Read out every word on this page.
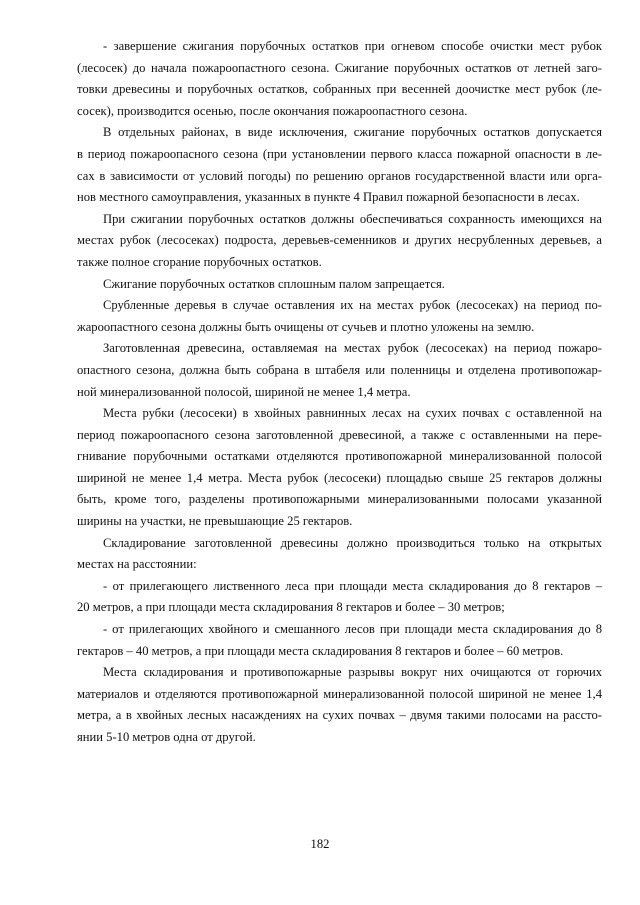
- завершение сжигания порубочных остатков при огневом способе очистки мест рубок
(лесосек) до начала пожароопастного сезона. Сжигание порубочных остатков от летней заго-
товки древесины и порубочных остатков, собранных при весенней доочистке мест рубок (ле-
сосек), производится осенью, после окончания пожароопастного сезона.
В отдельных районах, в виде исключения, сжигание порубочных остатков допускается
в период пожароопасного сезона (при установлении первого класса пожарной опасности в ле-
сах в зависимости от условий погоды) по решению органов государственной власти или орга-
нов местного самоуправления, указанных в пункте 4 Правил пожарной безопасности в лесах.
При сжигании порубочных остатков должны обеспечиваться сохранность имеющихся на
местах рубок (лесосеках) подроста, деревьев-семенников и других несрубленных деревьев, а
также полное сгорание порубочных остатков.
Сжигание порубочных остатков сплошным палом запрещается.
Срубленные деревья в случае оставления их на местах рубок (лесосеках) на период по-
жароопастного сезона должны быть очищены от сучьев и плотно уложены на землю.
Заготовленная древесина, оставляемая на местах рубок (лесосеках) на период пожаро-
опастного сезона, должна быть собрана в штабеля или поленницы и отделена противопожар-
ной минерализованной полосой, шириной не менее 1,4 метра.
Места рубки (лесосеки) в хвойных равнинных лесах на сухих почвах с оставленной на
период пожароопасного сезона заготовленной древесиной, а также с оставленными на пере-
гнивание порубочными остатками отделяются противопожарной минерализованной полосой
шириной не менее 1,4 метра. Места рубок (лесосеки) площадью свыше 25 гектаров должны
быть, кроме того, разделены противопожарными минерализованными полосами указанной
ширины на участки, не превышающие 25 гектаров.
Складирование заготовленной древесины должно производиться только на открытых
местах на расстоянии:
- от прилегающего лиственного леса при площади места складирования до 8 гектаров –
20 метров, а при площади места складирования 8 гектаров и более – 30 метров;
- от прилегающих хвойного и смешанного лесов при площади места складирования до 8
гектаров – 40 метров, а при площади места складирования 8 гектаров и более – 60 метров.
Места складирования и противопожарные разрывы вокруг них очищаются от горючих
материалов и отделяются противопожарной минерализованной полосой шириной не менее 1,4
метра, а в хвойных лесных насаждениях на сухих почвах – двумя такими полосами на рассто-
янии 5-10 метров одна от другой.
182
